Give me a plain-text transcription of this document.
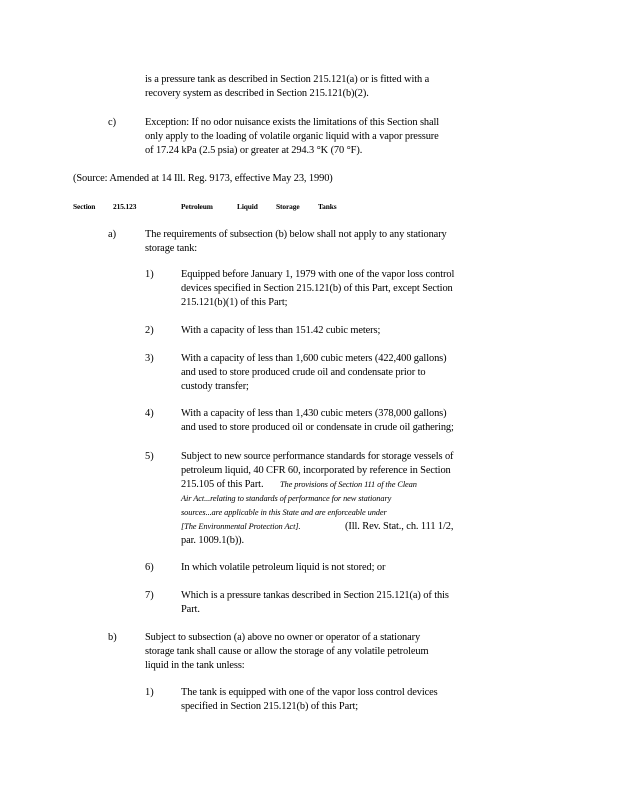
is a pressure tank as described in Section 215.121(a) or is fitted with a
recovery system as described in Section 215.121(b)(2).
c)	Exception: If no odor nuisance exists the limitations of this Section shall
only apply to the loading of volatile organic liquid with a vapor pressure
of 17.24 kPa (2.5 psia) or greater at 294.3 °K (70 °F).
(Source: Amended at 14 Ill. Reg. 9173, effective May 23, 1990)
Section 215.123	Petroleum	Liquid Storage Tanks
a)	The requirements of subsection (b) below shall not apply to any stationary
storage tank:
1)	Equipped before January 1, 1979 with one of the vapor loss control
devices specified in Section 215.121(b) of this Part, except Section
215.121(b)(1) of this Part;
2)	With a capacity of less than 151.42 cubic meters;
3)	With a capacity of less than 1,600 cubic meters (422,400 gallons)
and used to store produced crude oil and condensate prior to
custody transfer;
4)	With a capacity of less than 1,430 cubic meters (378,000 gallons)
and used to store produced oil or condensate in crude oil gathering;
5)	Subject to new source performance standards for storage vessels of
petroleum liquid, 40 CFR 60, incorporated by reference in Section
215.105 of this Part. The provisions of Section 111 of the Clean
Air Act...relating to standards of performance for new stationary
sources...are applicable in this State and are enforceable under
[The Environmental Protection Act].	(Ill. Rev. Stat., ch. 111 1/2,
par. 1009.1(b)).
6)	In which volatile petroleum liquid is not stored; or
7)	Which is a pressure tankas described in Section 215.121(a) of this
Part.
b)	Subject to subsection (a) above no owner or operator of a stationary
storage tank shall cause or allow the storage of any volatile petroleum
liquid in the tank unless:
1)	The tank is equipped with one of the vapor loss control devices
specified in Section 215.121(b) of this Part;
